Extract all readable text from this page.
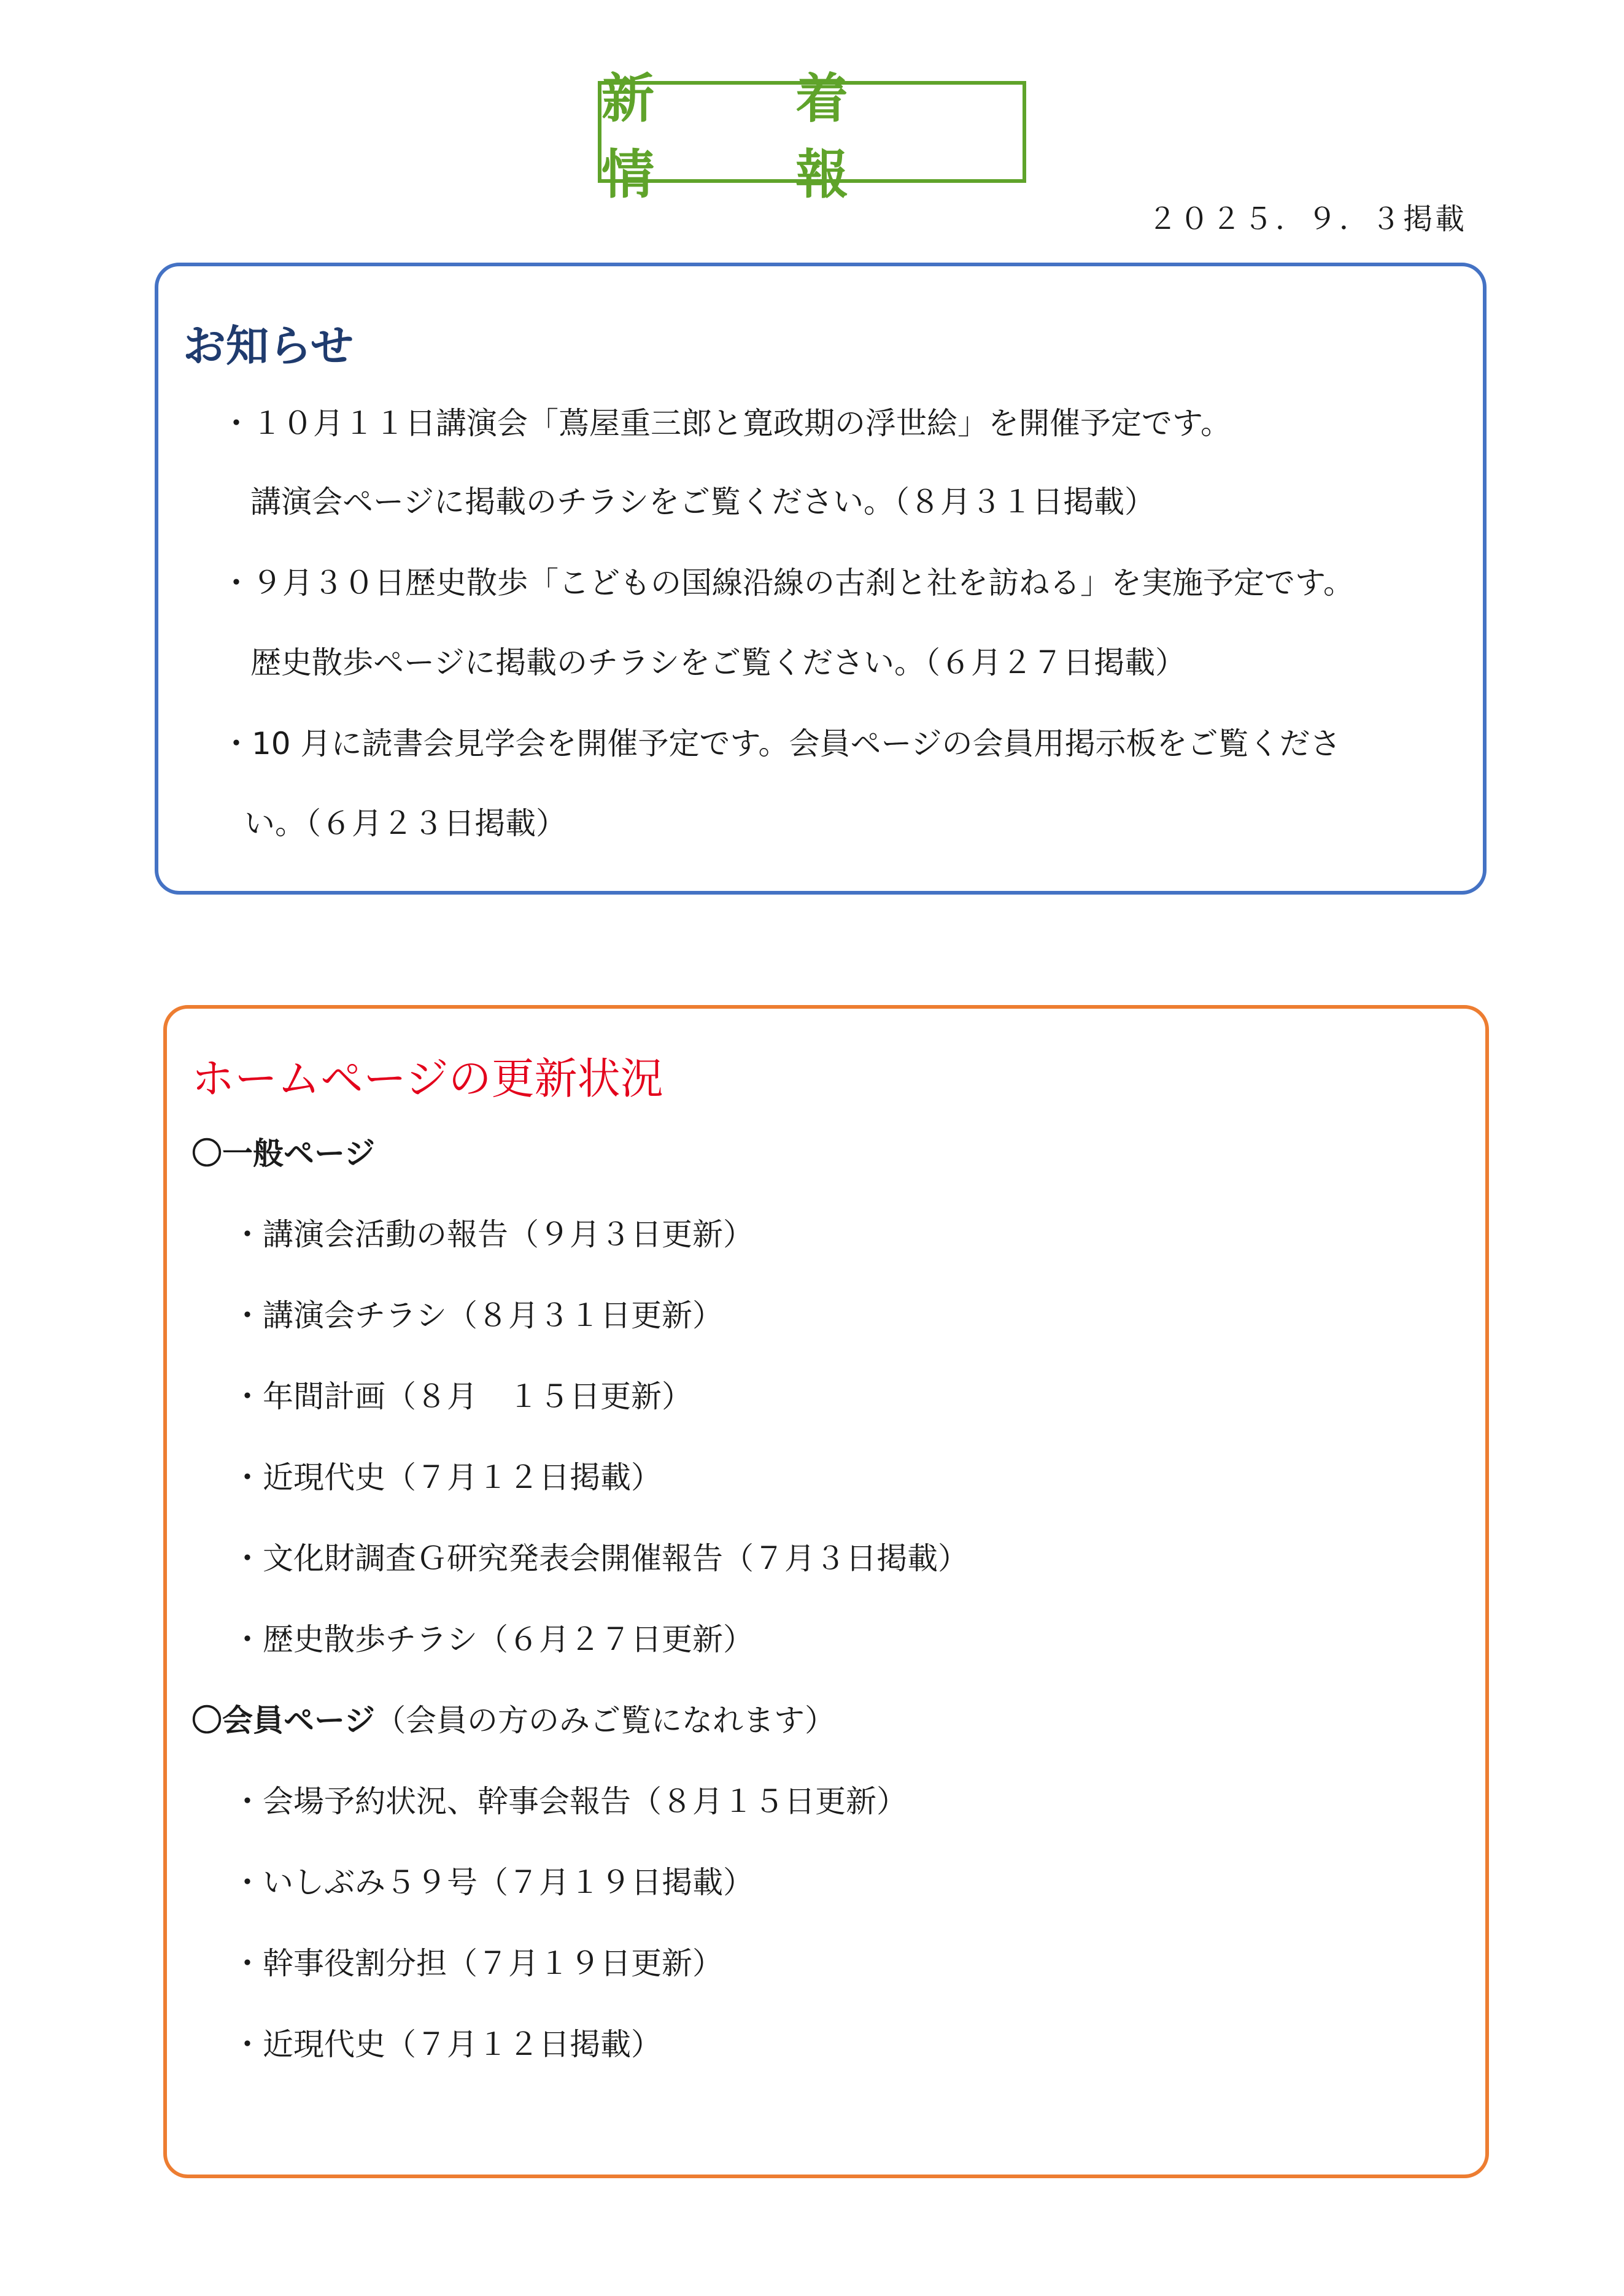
新　着　情　報
２０２５．９．３掲載
お知らせ
・１０月１１日講演会「蔦屋重三郎と寛政期の浮世絵」を開催予定です。
講演会ページに掲載のチラシをご覧ください。（８月３１日掲載）
・９月３０日歴史散歩「こどもの国線沿線の古刹と社を訪ねる」を実施予定です。
歴史散歩ページに掲載のチラシをご覧ください。（６月２７日掲載）
・10 月に読書会見学会を開催予定です。会員ページの会員用掲示板をご覧くださ
い。（６月２３日掲載）
ホームページの更新状況
〇一般ページ
・講演会活動の報告（９月３日更新）
・講演会チラシ（８月３１日更新）
・年間計画（８月　１５日更新）
・近現代史（７月１２日掲載）
・文化財調査Ｇ研究発表会開催報告（７月３日掲載）
・歴史散歩チラシ（６月２７日更新）
〇会員ページ（会員の方のみご覧になれます）
・会場予約状況、幹事会報告（８月１５日更新）
・いしぶみ５９号（７月１９日掲載）
・幹事役割分担（７月１９日更新）
・近現代史（７月１２日掲載）
